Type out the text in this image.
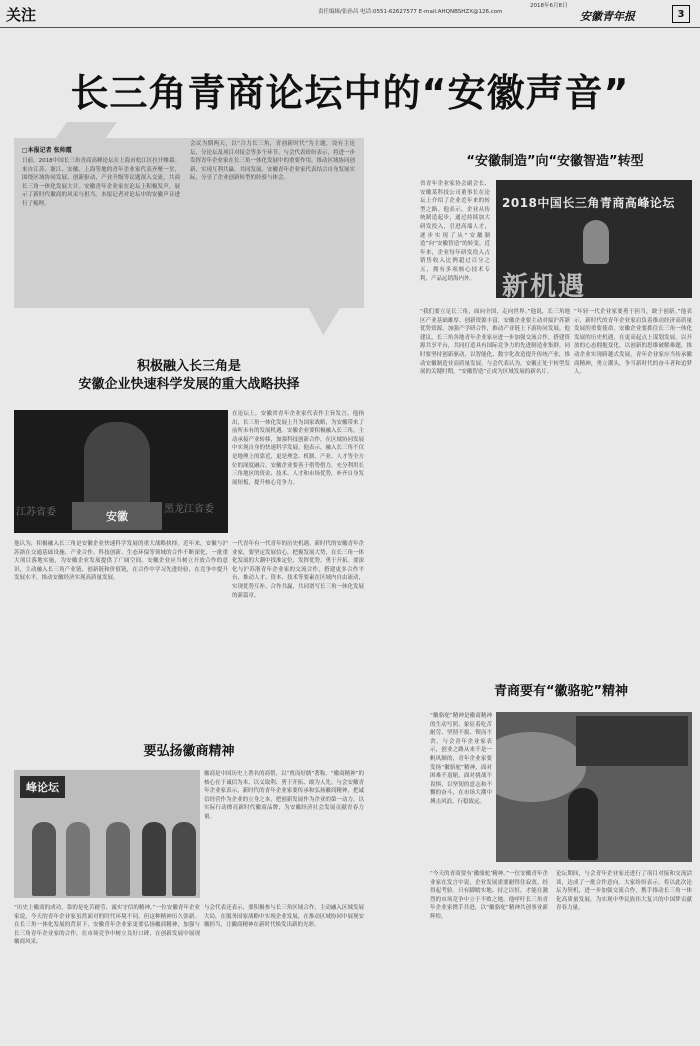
关注	责任编辑/张孙昌 电话:0551-62627577 E-mail:AHQNBSHZX@126.com
2018年6月8日
安徽青年报	3
长三角青商论坛中的“安徽声音”
□本报记者 张帅霞
日前，2018中国长三角青商高峰论坛在上海市松江区拉开帷幕。来自江苏、浙江、安徽、上海等地的青年企业家代表齐聚一堂，围绕区域协同发展、创新驱动、产业升级等议题深入交流，共商长三角一体化发展大计。安徽青年企业家在论坛上积极发声，展示了新时代徽商的风采与担当。本报记者对论坛中的安徽声音进行了梳理。
会议为期两天，以“合力长三角，青创新时代”为主题，设有主论坛、分论坛及项目对接会等多个环节。与会代表纷纷表示，将进一步发挥青年企业家在长三角一体化发展中的重要作用，推动区域协同创新，实现互利共赢、共同发展。安徽青年企业家代表结合自身发展实际，分享了企业创新转型的经验与体会。
“安徽制造”向“安徽智造”转型
省青年企业家协会副会长、安徽某科技公司董事长在论坛上介绍了企业近年来的转型之路。他表示，企业从传统制造起步，通过持续加大研发投入，引进高端人才，逐步实现了从“安徽制造”向“安徽智造”的转变。近年来，企业每年研发投入占销售收入比例超过百分之五，拥有多项核心技术专利，产品远销海内外。
2018中国长三角青商高峰论坛
新机遇
“我们要立足长三角，面向全国，走向世界。”他说，长三角地区产业基础雄厚、创新资源丰富，安徽企业要主动对接沪苏浙优势资源，加强产学研合作，推动产业链上下游协同发展。他建议，长三角各地青年企业家应进一步加强交流合作，搭建资源共享平台，共同打造具有国际竞争力的先进制造业集群。同时要坚持创新驱动，以智能化、数字化改造提升传统产业，推动安徽制造业高质量发展。与会代表认为，安徽正处于转型发展的关键时期，“安徽智造”正成为区域发展的新名片。
“年轻一代企业家要勇于担当，敢于创新。”他表示，新时代的青年企业家肩负着推动经济高质量发展的重要使命。安徽企业要抓住长三角一体化发展的历史机遇，在更高起点上谋划发展，以开放的心态拥抱变化，以创新的思维破解难题，推动企业实现跨越式发展。青年企业家应当传承徽商精神，勇立潮头，争当新时代的奋斗者和追梦人。
积极融入长三角是
安徽企业快速科学发展的重大战略抉择
江苏省委	黑龙江省委
安徽
在论坛上，安徽省青年企业家代表作主旨发言。他指出，长三角一体化发展上升为国家战略，为安徽带来了前所未有的发展机遇。安徽企业要积极融入长三角，主动承接产业转移，加强科技创新合作，在区域协同发展中实现自身的快速科学发展。他表示，融入长三角不仅是地理上的靠近，更是理念、机制、产业、人才等全方位的深度融合。安徽企业要善于借势借力，充分利用长三角地区的资金、技术、人才和市场优势，补齐自身发展短板，提升核心竞争力。
他认为，积极融入长三角是安徽企业快速科学发展的重大战略抉择。近年来，安徽与沪苏浙在交通基础设施、产业合作、科技创新、生态环保等领域的合作不断深化，一批重大项目落地实施，为安徽企业发展提供了广阔空间。安徽企业应当树立开放合作的意识，主动融入长三角产业链、创新链和价值链，在合作中学习先进经验，在竞争中提升发展水平，推动安徽经济实现高质量发展。
一代青年有一代青年的历史机遇。新时代的安徽青年企业家，要坚定发展信心，把握发展大势，在长三角一体化发展的大潮中找准定位，发挥优势，勇于开拓。要深化与沪苏浙青年企业家的交流合作，搭建更多合作平台，推动人才、资本、技术等要素在区域内自由流动，实现优势互补、合作共赢，共同谱写长三角一体化发展的新篇章。
要弘扬徽商精神
峰论坛
徽商是中国历史上著名的商帮，以“贾而好儒”著称。“徽商精神”的核心在于诚信为本、以义取利、勇于开拓、敢为人先。与会安徽青年企业家表示，新时代的青年企业家要传承和弘扬徽商精神，把诚信经营作为企业的立身之本，把创新发展作为企业的第一动力，以实际行动擦亮新时代徽商品牌，为安徽经济社会发展贡献青春力量。
“历史上徽商的成功，靠的是吃苦耐劳、诚实守信的精神。”一位安徽青年企业家说，今天的青年企业家虽然面对的时代环境不同，但这种精神历久弥新。在长三角一体化发展的背景下，安徽青年企业家更要弘扬徽商精神，加强与长三角青年企业家的合作，在市场竞争中树立良好口碑，在创新发展中展现徽商风采。
与会代表还表示，要积极参与长三角区域合作，主动融入区域发展大局，在服务国家战略中实现企业发展，在推动区域协同中展现安徽担当，让徽商精神在新时代焕发出新的光彩。
青商要有“徽骆驼”精神
“徽骆驼”精神是徽商精神的生动写照，象征着吃苦耐劳、坚韧不拔、锲而不舍。与会青年企业家表示，创业之路从来不是一帆风顺的，青年企业家要发扬“徽骆驼”精神，面对困难不退缩，面对挑战不畏惧，以坚韧的意志和不懈的奋斗，在市场大潮中搏击风浪、行稳致远。
“今天的青商要有‘徽骆驼’精神。”一位安徽青年企业家在发言中说，企业发展需要耐得住寂寞、经得起考验。只有脚踏实地、持之以恒，才能在激烈的市场竞争中立于不败之地。他呼吁长三角青年企业家携手并进，以“徽骆驼”精神共创事业新辉煌。
论坛期间，与会青年企业家还进行了项目对接和交流洽谈，达成了一批合作意向。大家纷纷表示，将以此次论坛为契机，进一步加强交流合作，携手推动长三角一体化高质量发展，为实现中华民族伟大复兴的中国梦贡献青春力量。
